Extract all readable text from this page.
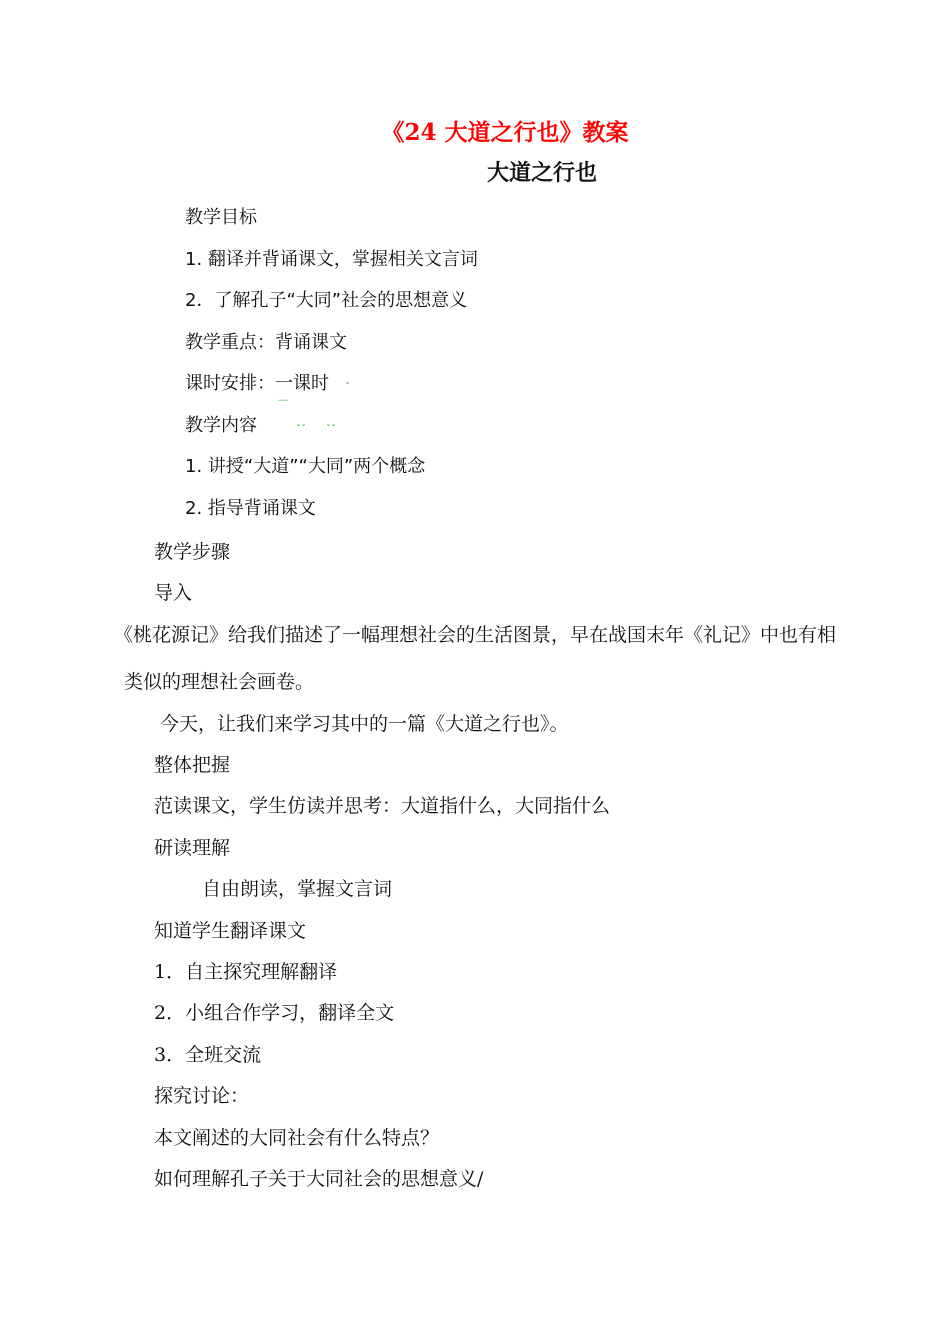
《24 大道之行也》教案
大道之行也
教学目标
1. 翻译并背诵课文，掌握相关文言词
2．了解孔子“大同”社会的思想意义
教学重点：背诵课文
课时安排：一课时
﹏
ˇ
教学内容	ˇˇ ˇˇ
1. 讲授“大道”“大同”两个概念
2. 指导背诵课文
教学步骤
导入
《桃花源记》给我们描述了一幅理想社会的生活图景，早在战国末年《礼记》中也有相
类似的理想社会画卷。
今天，让我们来学习其中的一篇《大道之行也》。
整体把握
范读课文，学生仿读并思考：大道指什么，大同指什么
研读理解
自由朗读，掌握文言词
知道学生翻译课文
1．自主探究理解翻译
2．小组合作学习，翻译全文
3．全班交流
探究讨论：
本文阐述的大同社会有什么特点？
如何理解孔子关于大同社会的思想意义/
